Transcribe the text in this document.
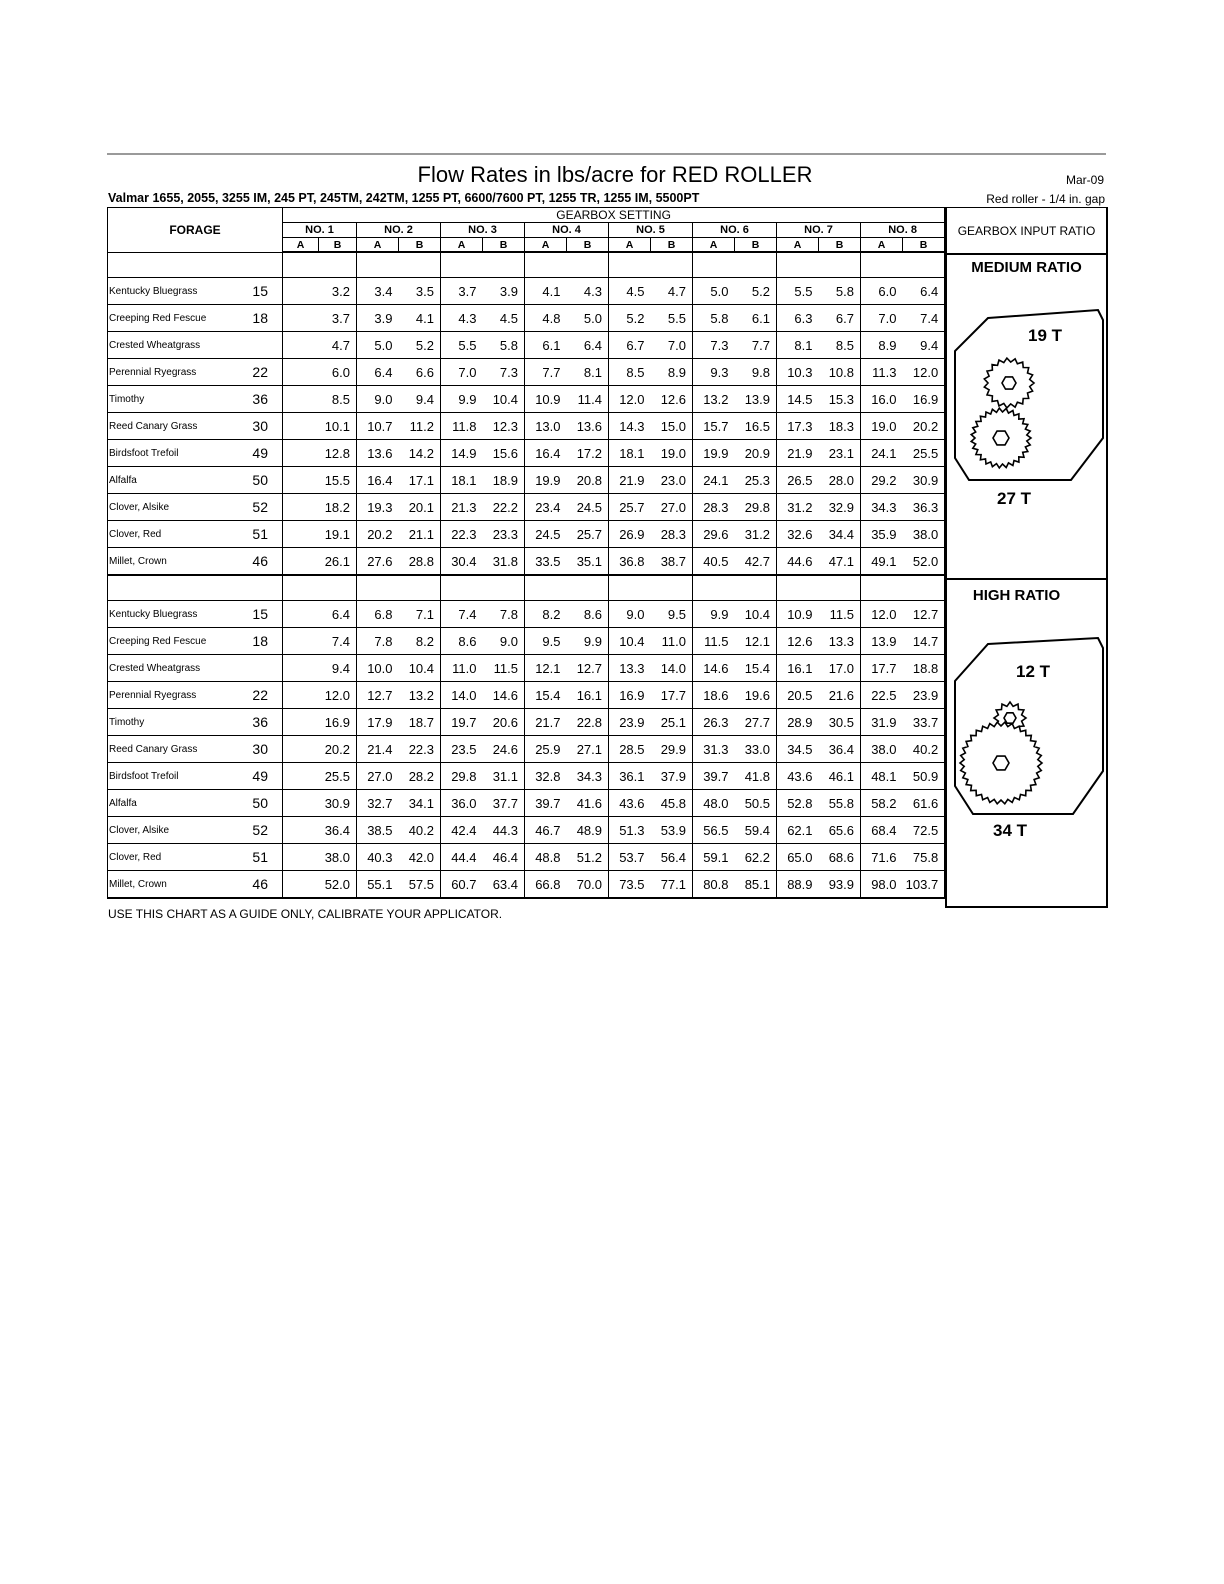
Flow Rates in lbs/acre for RED ROLLER	Mar-09
Valmar 1655, 2055, 3255 IM, 245 PT, 245TM, 242TM, 1255 PT, 6600/7600 PT, 1255 TR, 1255 IM, 5500PT	Red roller - 1/4 in. gap
FORAGE		GEARBOX SETTING															
		NO. 1		NO. 2		NO. 3		NO. 4		NO. 5		NO. 6		NO. 7		NO. 8	
		A	B	A	B	A	B	A	B	A	B	A	B	A	B	A	B

Kentucky Bluegrass	15		3.2	3.4	3.5	3.7	3.9	4.1	4.3	4.5	4.7	5.0	5.2	5.5	5.8	6.0	6.4
Creeping Red Fescue	18		3.7	3.9	4.1	4.3	4.5	4.8	5.0	5.2	5.5	5.8	6.1	6.3	6.7	7.0	7.4
Crested Wheatgrass			4.7	5.0	5.2	5.5	5.8	6.1	6.4	6.7	7.0	7.3	7.7	8.1	8.5	8.9	9.4
Perennial Ryegrass	22		6.0	6.4	6.6	7.0	7.3	7.7	8.1	8.5	8.9	9.3	9.8	10.3	10.8	11.3	12.0
Timothy	36		8.5	9.0	9.4	9.9	10.4	10.9	11.4	12.0	12.6	13.2	13.9	14.5	15.3	16.0	16.9
Reed Canary Grass	30		10.1	10.7	11.2	11.8	12.3	13.0	13.6	14.3	15.0	15.7	16.5	17.3	18.3	19.0	20.2
Birdsfoot Trefoil	49		12.8	13.6	14.2	14.9	15.6	16.4	17.2	18.1	19.0	19.9	20.9	21.9	23.1	24.1	25.5
Alfalfa	50		15.5	16.4	17.1	18.1	18.9	19.9	20.8	21.9	23.0	24.1	25.3	26.5	28.0	29.2	30.9
Clover, Alsike	52		18.2	19.3	20.1	21.3	22.2	23.4	24.5	25.7	27.0	28.3	29.8	31.2	32.9	34.3	36.3
Clover, Red	51		19.1	20.2	21.1	22.3	23.3	24.5	25.7	26.9	28.3	29.6	31.2	32.6	34.4	35.9	38.0
Millet, Crown	46		26.1	27.6	28.8	30.4	31.8	33.5	35.1	36.8	38.7	40.5	42.7	44.6	47.1	49.1	52.0

Kentucky Bluegrass	15		6.4	6.8	7.1	7.4	7.8	8.2	8.6	9.0	9.5	9.9	10.4	10.9	11.5	12.0	12.7
Creeping Red Fescue	18		7.4	7.8	8.2	8.6	9.0	9.5	9.9	10.4	11.0	11.5	12.1	12.6	13.3	13.9	14.7
Crested Wheatgrass			9.4	10.0	10.4	11.0	11.5	12.1	12.7	13.3	14.0	14.6	15.4	16.1	17.0	17.7	18.8
Perennial Ryegrass	22		12.0	12.7	13.2	14.0	14.6	15.4	16.1	16.9	17.7	18.6	19.6	20.5	21.6	22.5	23.9
Timothy	36		16.9	17.9	18.7	19.7	20.6	21.7	22.8	23.9	25.1	26.3	27.7	28.9	30.5	31.9	33.7
Reed Canary Grass	30		20.2	21.4	22.3	23.5	24.6	25.9	27.1	28.5	29.9	31.3	33.0	34.5	36.4	38.0	40.2
Birdsfoot Trefoil	49		25.5	27.0	28.2	29.8	31.1	32.8	34.3	36.1	37.9	39.7	41.8	43.6	46.1	48.1	50.9
Alfalfa	50		30.9	32.7	34.1	36.0	37.7	39.7	41.6	43.6	45.8	48.0	50.5	52.8	55.8	58.2	61.6
Clover, Alsike	52		36.4	38.5	40.2	42.4	44.3	46.7	48.9	51.3	53.9	56.5	59.4	62.1	65.6	68.4	72.5
Clover, Red	51		38.0	40.3	42.0	44.4	46.4	48.8	51.2	53.7	56.4	59.1	62.2	65.0	68.6	71.6	75.8
Millet, Crown	46		52.0	55.1	57.5	60.7	63.4	66.8	70.0	73.5	77.1	80.8	85.1	88.9	93.9	98.0	103.7
GEARBOX INPUT RATIO
MEDIUM RATIO
19 T
27 T
HIGH RATIO
12 T
34 T
USE THIS CHART AS A GUIDE ONLY, CALIBRATE YOUR APPLICATOR.
